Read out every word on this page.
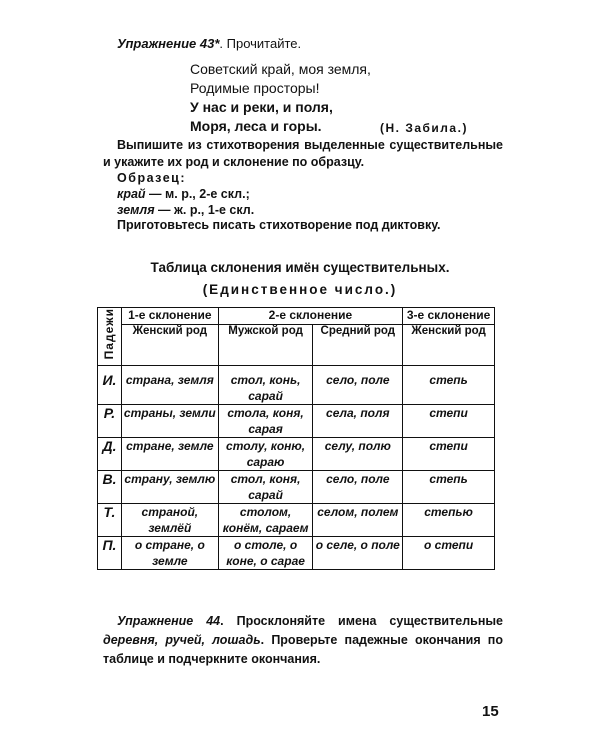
Упражнение 43*. Прочитайте.
Советский край, моя земля,
Родимые просторы!
У нас и реки, и поля,
Моря, леса и горы.	(Н. Забила.)
Выпишите из стихотворения выделенные существительные и укажите их род и склонение по образцу.
Образец:
край — м. р., 2-е скл.;
земля — ж. р., 1-е скл.
Приготовьтесь писать стихотворение под диктовку.
Таблица склонения имён существительных.
(Единственное число.)
Падежи	1-е склонение	2-е склонение		3-е склонение
	Женский род	Мужской род	Средний род	Женский род
И.	страна, земля	стол, конь, сарай	село, поле	степь
Р.	страны, земли	стола, коня, сарая	села, поля	степи
Д.	стране, земле	столу, коню, сараю	селу, полю	степи
В.	страну, землю	стол, коня, сарай	село, поле	степь
Т.	страной, землёй	столом, конём, сараем	селом, полем	степью
П.	о стране, о земле	о столе, о коне, о сарае	о селе, о поле	о степи
Упражнение 44. Просклоняйте имена существительные деревня, ручей, лошадь. Проверьте падежные окончания по таблице и подчеркните окончания.
15
